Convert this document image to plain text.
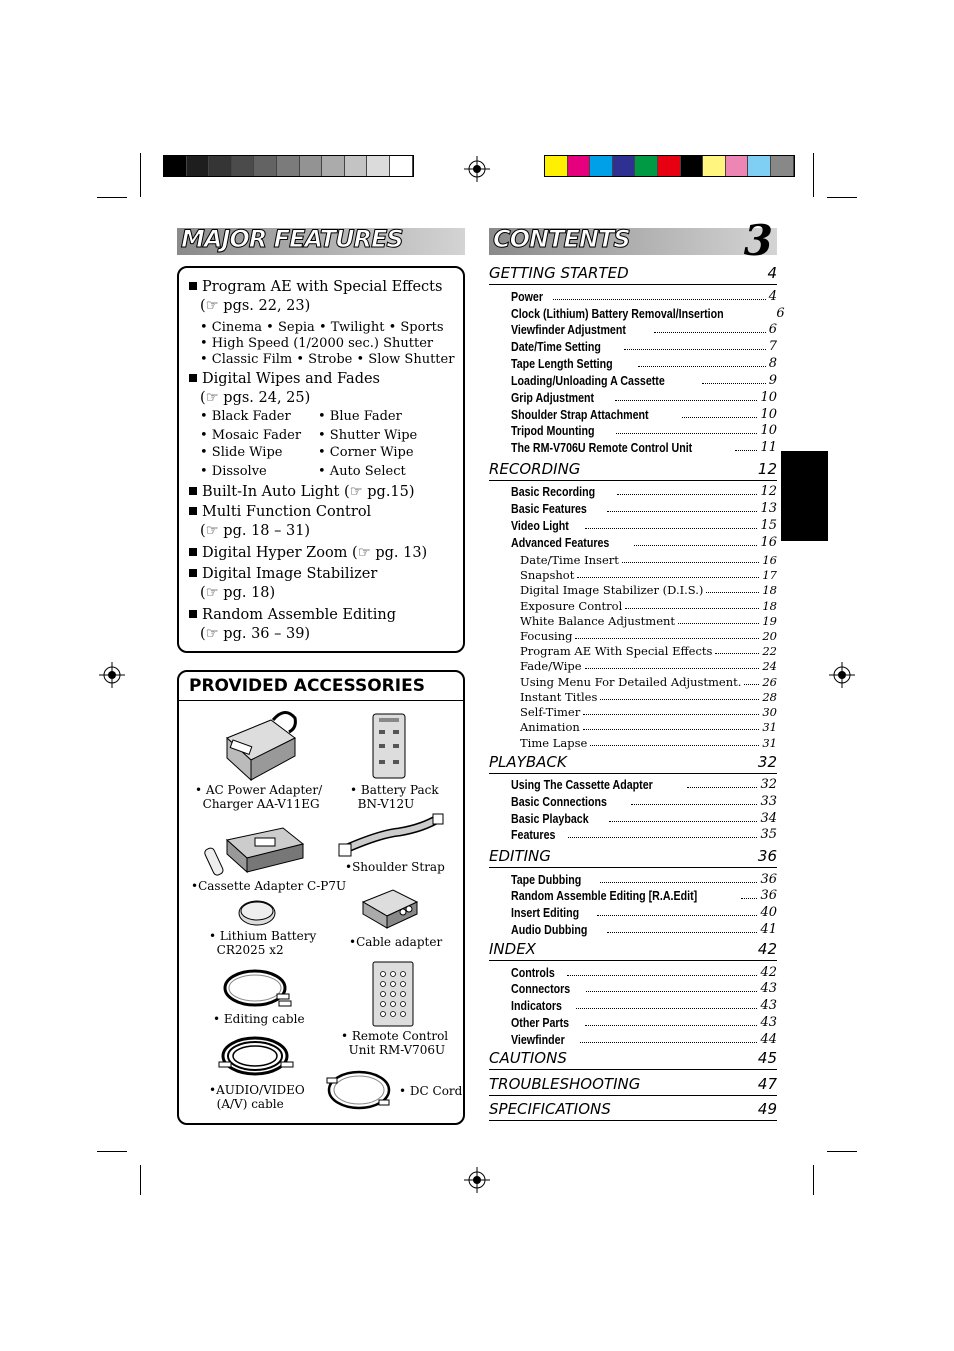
MAJOR FEATURES
Program AE with Special Effects
(☞ pgs. 22, 23)
• Cinema • Sepia • Twilight • Sports
• High Speed (1/2000 sec.) Shutter
• Classic Film • Strobe • Slow Shutter
Digital Wipes and Fades
(☞ pgs. 24, 25)
• Black Fader • Blue Fader
• Mosaic Fader • Shutter Wipe
• Slide Wipe	• Corner Wipe
• Dissolve	• Auto Select
Built-In Auto Light (☞ pg.15)
Multi Function Control
(☞ pg. 18 – 31)
Digital Hyper Zoom (☞ pg. 13)
Digital Image Stabilizer
(☞ pg. 18)
Random Assemble Editing
(☞ pg. 36 – 39)
PROVIDED ACCESSORIES
• AC Power Adapter/
Charger AA-V11EG
• Battery Pack
BN-V12U
•Shoulder Strap
•Cassette Adapter C-P7U
• Lithium Battery
CR2025 x2
•Cable adapter
• Editing cable
• Remote Control
Unit RM-V706U
•AUDIO/VIDEO
(A/V) cable
• DC Cord
CONTENTS	3
GETTING STARTED	4
Power	4
Clock (Lithium) Battery Removal/Insertion	6
Viewfinder Adjustment	6
Date/Time Setting	7
Tape Length Setting	8
Loading/Unloading A Cassette	9
Grip Adjustment	10
Shoulder Strap Attachment	10
Tripod Mounting	10
The RM-V706U Remote Control Unit	11
RECORDING	12
Basic Recording	12
Basic Features	13
Video Light	15
Advanced Features	16
Date/Time Insert	16
Snapshot	17
Digital Image Stabilizer (D.I.S.)	18
Exposure Control	18
White Balance Adjustment	19
Focusing	20
Program AE With Special Effects	22
Fade/Wipe	24
Using Menu For Detailed Adjustment. 26
Instant Titles	28
Self-Timer	30
Animation	31
Time Lapse	31
PLAYBACK	32
Using The Cassette Adapter	32
Basic Connections	33
Basic Playback	34
Features	35
EDITING	36
Tape Dubbing	36
Random Assemble Editing [R.A.Edit]	36
Insert Editing	40
Audio Dubbing	41
INDEX	42
Controls	42
Connectors	43
Indicators	43
Other Parts	43
Viewfinder	44
CAUTIONS	45
TROUBLESHOOTING	47
SPECIFICATIONS	49
